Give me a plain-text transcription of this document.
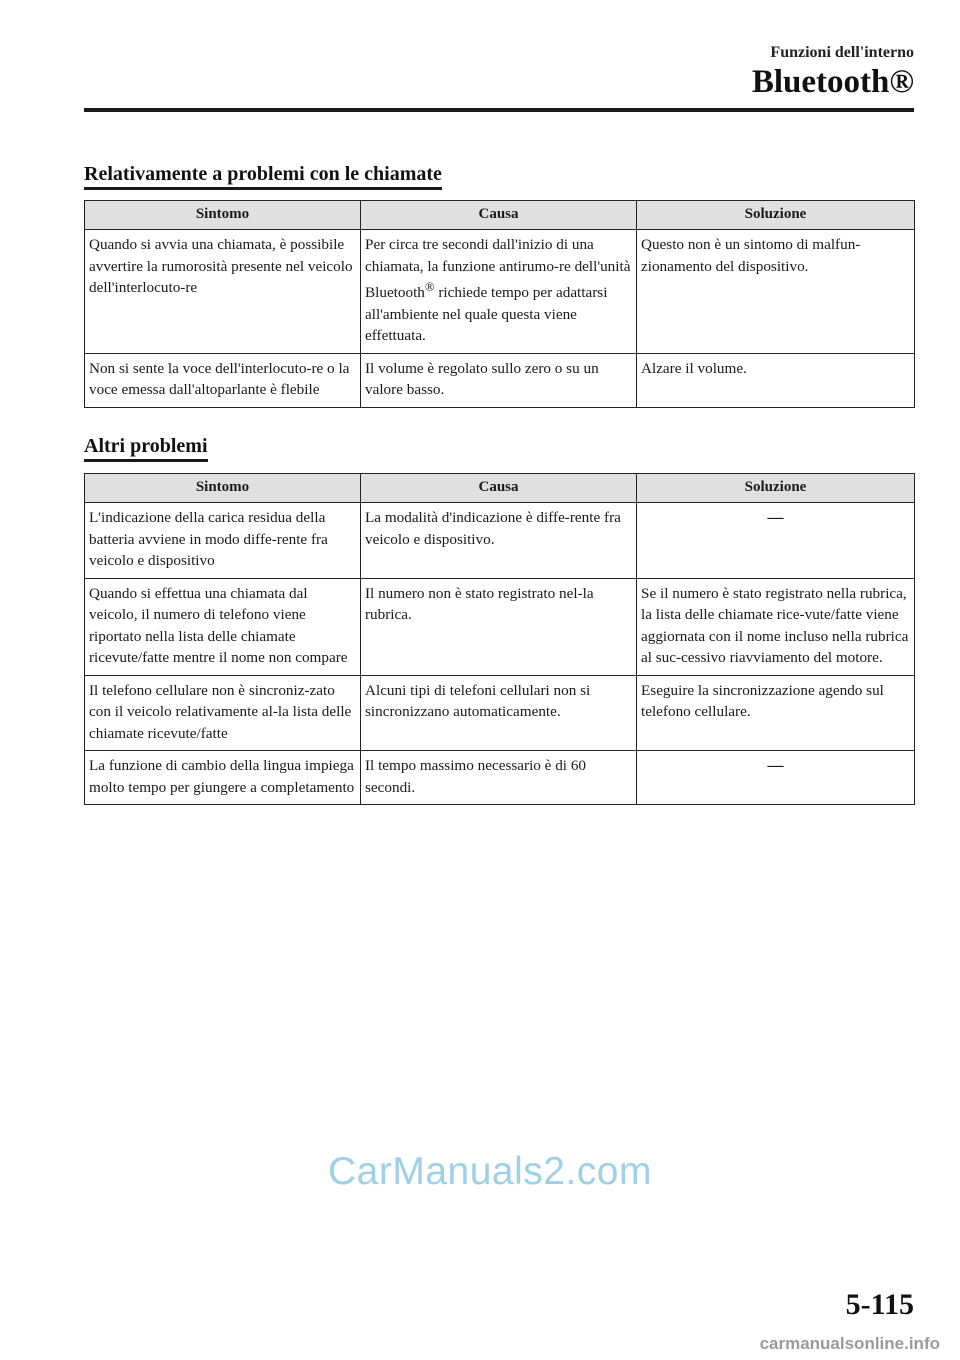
Funzioni dell'interno
Bluetooth®
Relativamente a problemi con le chiamate
Sintomo	Causa	Soluzione
Quando si avvia una chiamata, è possibile avvertire la rumorosità presente nel veicolo dell'interlocuto-re	Per circa tre secondi dall'inizio di una chiamata, la funzione antirumo-re dell'unità Bluetooth® richiede tempo per adattarsi all'ambiente nel quale questa viene effettuata.	Questo non è un sintomo di malfun-zionamento del dispositivo.
Non si sente la voce dell'interlocuto-re o la voce emessa dall'altoparlante è flebile	Il volume è regolato sullo zero o su un valore basso.	Alzare il volume.
Altri problemi
Sintomo	Causa	Soluzione
L'indicazione della carica residua della batteria avviene in modo diffe-rente fra veicolo e dispositivo	La modalità d'indicazione è diffe-rente fra veicolo e dispositivo.	—
Quando si effettua una chiamata dal veicolo, il numero di telefono viene riportato nella lista delle chiamate ricevute/fatte mentre il nome non compare	Il numero non è stato registrato nel-la rubrica.	Se il numero è stato registrato nella rubrica, la lista delle chiamate rice-vute/fatte viene aggiornata con il nome incluso nella rubrica al suc-cessivo riavviamento del motore.
Il telefono cellulare non è sincroniz-zato con il veicolo relativamente al-la lista delle chiamate ricevute/fatte	Alcuni tipi di telefoni cellulari non si sincronizzano automaticamente.	Eseguire la sincronizzazione agendo sul telefono cellulare.
La funzione di cambio della lingua impiega molto tempo per giungere a completamento	Il tempo massimo necessario è di 60 secondi.	—
CarManuals2.com
5-115
carmanualsonline.info
